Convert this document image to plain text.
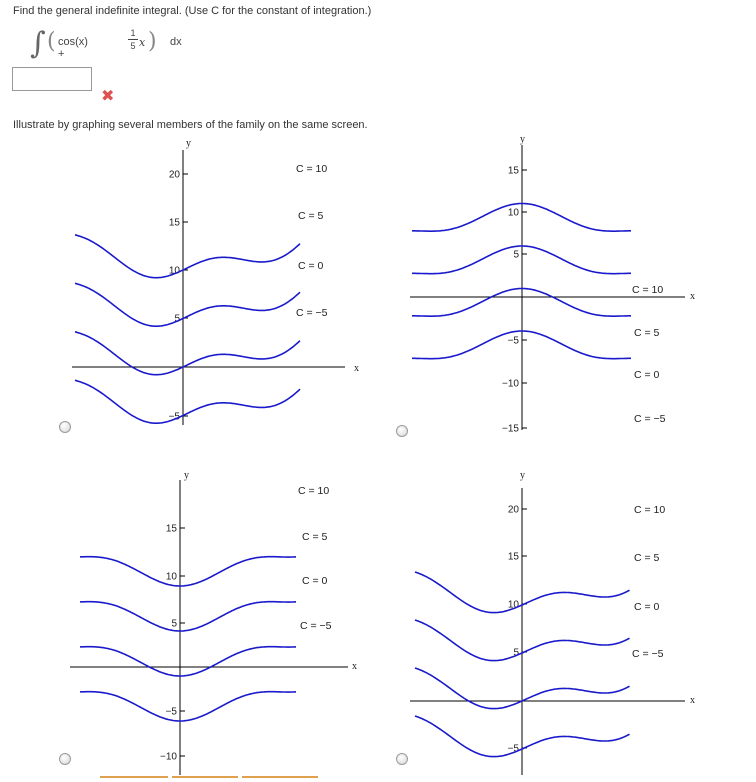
Find the general indefinite integral. (Use C for the constant of integration.)
∫ ( cos(x) +
$\frac{1}{5}$ x ) dx
✖
Illustrate by graphing several members of the family on the same screen.
x
y
20
15
10
5
−5
C = 10
C = 5
C = 0
C = −5
x
y
15
10
5
−5
−10
−15
C = 10
C = 5
C = 0
C = −5
x
y
15
10
5
−5
−10
C = 10
C = 5
C = 0
C = −5
x
y
20
15
10
5
−5
C = 10
C = 5
C = 0
C = −5
